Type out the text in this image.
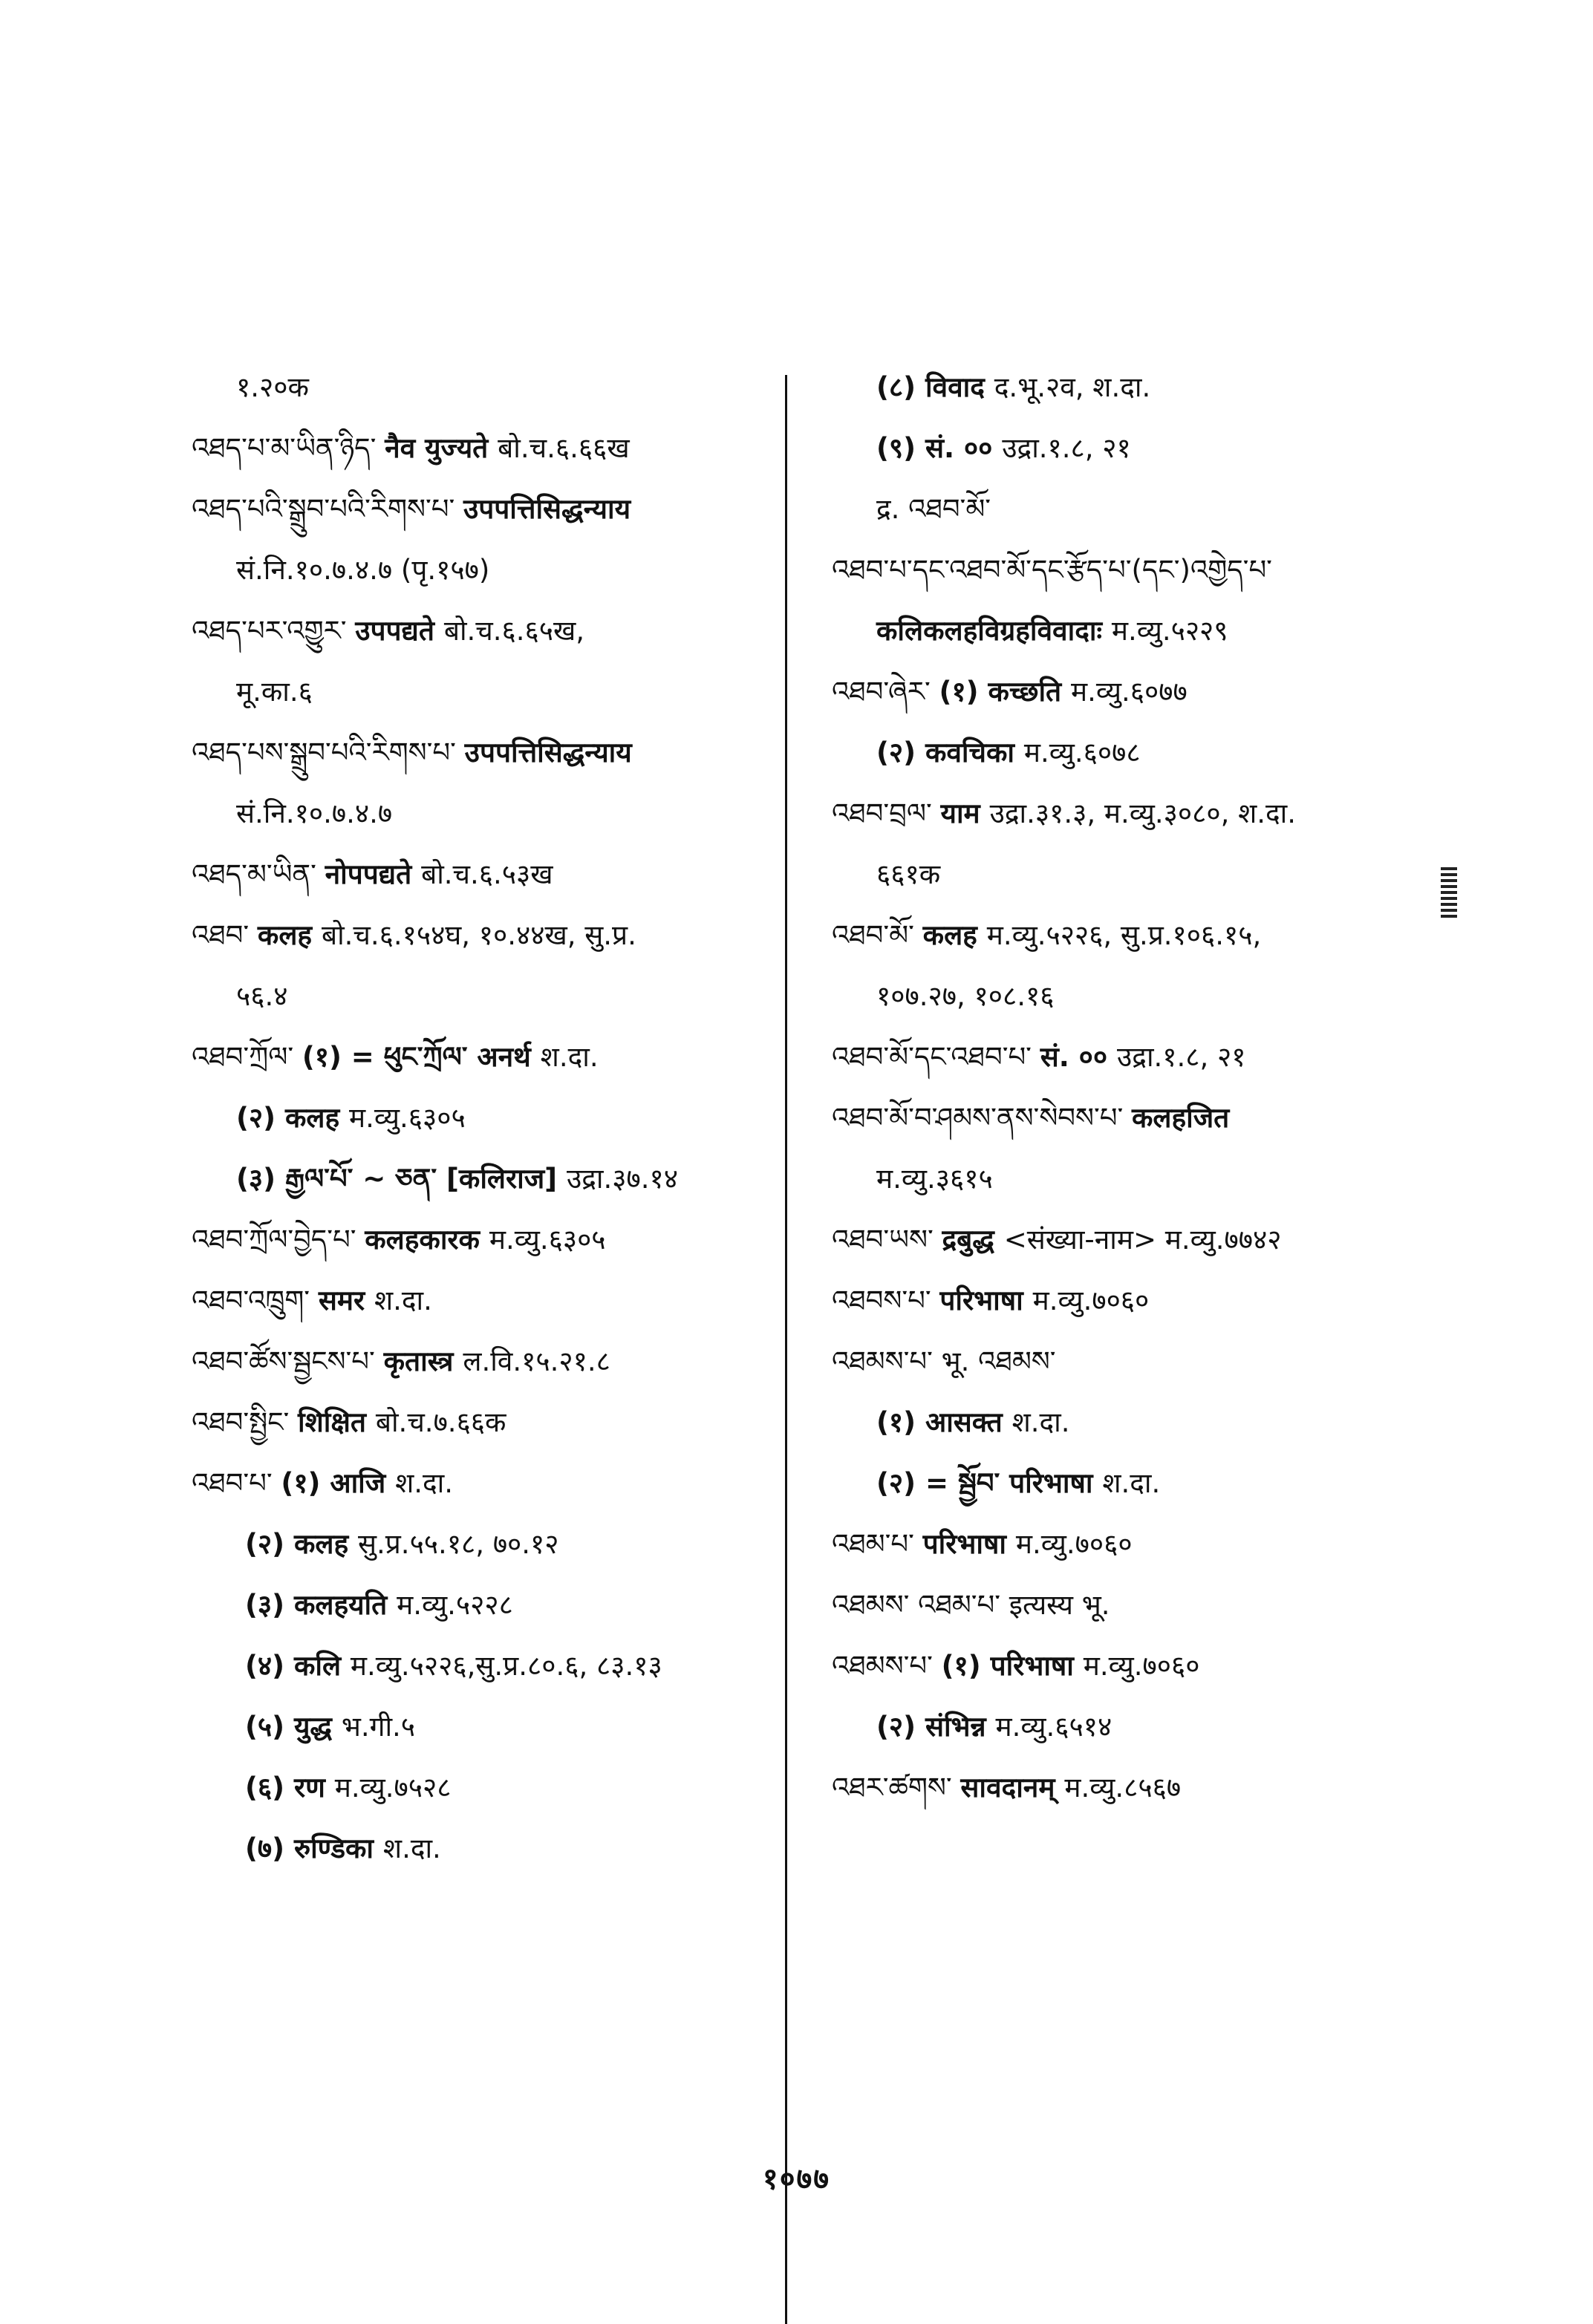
१.२०क
འཐད་པ་མ་ཡིན་ཉིད་ नैव युज्यते बो.च.६.६६ख
འཐད་པའི་སྒྲུབ་པའི་རིགས་པ་ उपपत्तिसिद्धन्याय
सं.नि.१०.७.४.७ (पृ.१५७)
འཐད་པར་འགྱུར་ उपपद्यते बो.च.६.६५ख,
मू.का.६
འཐད་པས་སྒྲུབ་པའི་རིགས་པ་ उपपत्तिसिद्धन्याय
सं.नि.१०.७.४.७
འཐད་མ་ཡིན་ नोपपद्यते बो.च.६.५३ख
འཐབ་ कलह बो.च.६.१५४घ, १०.४४ख, सु.प्र.
५६.४
འཐབ་ཀྲོལ་ (१) = ཕུང་ཀྲོལ་ अनर्थ श.दा.
(२) कलह म.व्यु.६३०५
(३) རྒྱལ་པོ་ ~ ཅན་ [कलिराज] उद्रा.३७.१४
འཐབ་ཀྲོལ་བྱེད་པ་ कलहकारक म.व्यु.६३०५
འཐབ་འཁྲུག་ समर श.दा.
འཐབ་ཚོས་སྦྱངས་པ་ कृतास्त्र ल.वि.१५.२१.८
འཐབ་སྤྱིང་ शिक्षित बो.च.७.६६क
འཐབ་པ་ (१) आजि श.दा.
(२) कलह सु.प्र.५५.१८, ७०.१२
(३) कलहयति म.व्यु.५२२८
(४) कलि म.व्यु.५२२६,सु.प्र.८०.६, ८३.१३
(५) युद्ध भ.गी.५
(६) रण म.व्यु.७५२८
(७) रुण्डिका श.दा.
(८) विवाद द.भू.२व, श.दा.
(९) सं. ०० उद्रा.१.८, २१
द्र. འཐབ་མོ་
འཐབ་པ་དང་འཐབ་མོ་དང་རྩོད་པ་(དང་)འགྱེད་པ་
कलिकलहविग्रहविवादाः म.व्यु.५२२९
འཐབ་ཞེར་ (१) कच्छति म.व्यु.६०७७
(२) कवचिका म.व्यु.६०७८
འཐབ་བྲལ་ याम उद्रा.३१.३, म.व्यु.३०८०, श.दा.
६६१क
འཐབ་མོ་ कलह म.व्यु.५२२६, सु.प्र.१०६.१५,
१०७.२७, १०८.१६
འཐབ་མོ་དང་འཐབ་པ་ सं. ०० उद्रा.१.८, २१
འཐབ་མོ་བ་ཤམས་ནས་སེབས་པ་ कलहजित
म.व्यु.३६१५
འཐབ་ཡས་ द्रबुद्ध <संख्या-नाम> म.व्यु.७७४२
འཐབས་པ་ परिभाषा म.व्यु.७०६०
འཐམས་པ་ भू. འཐམས་
(१) आसक्त श.दा.
(२) = སྦྱོབ་ परिभाषा श.दा.
འཐམ་པ་ परिभाषा म.व्यु.७०६०
འཐམས་ འཐམ་པ་ इत्यस्य भू.
འཐམས་པ་ (१) परिभाषा म.व्यु.७०६०
(२) संभिन्न म.व्यु.६५१४
འཐར་ཚགས་ सावदानम् म.व्यु.८५६७
१०७७
